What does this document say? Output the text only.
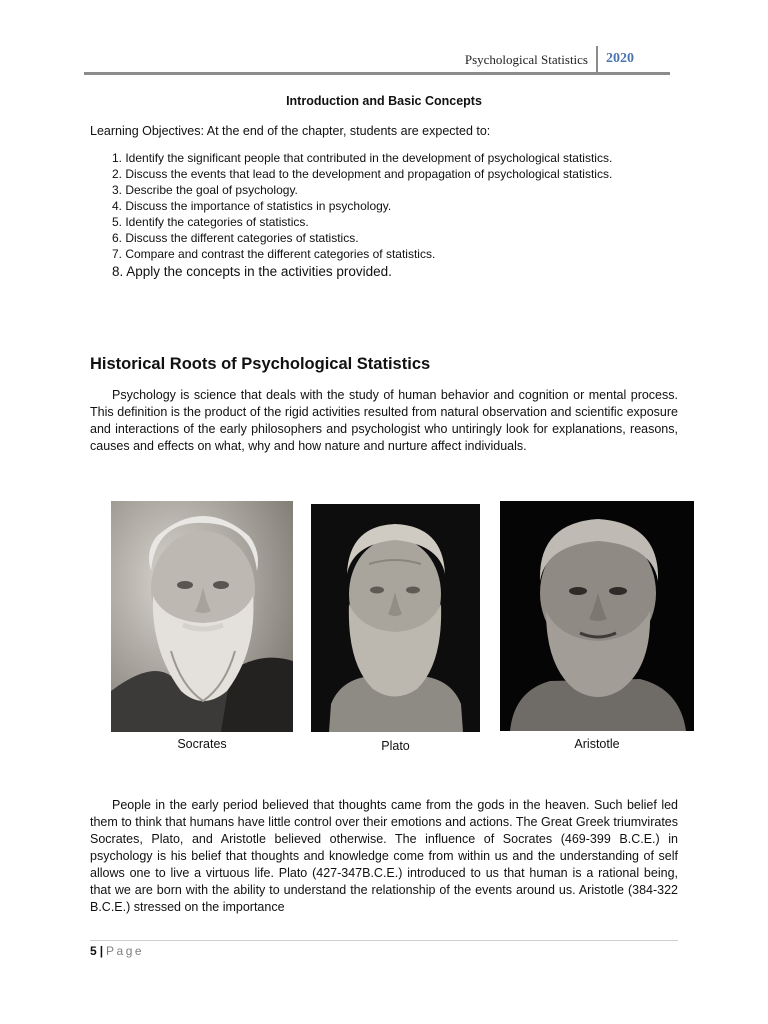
Psychological Statistics 2020
Introduction and Basic Concepts
Learning Objectives: At the end of the chapter, students are expected to:
1. Identify the significant people that contributed in the development of psychological statistics.
2. Discuss the events that lead to the development and propagation of psychological statistics.
3. Describe the goal of psychology.
4. Discuss the importance of statistics in psychology.
5. Identify the categories of statistics.
6. Discuss the different categories of statistics.
7. Compare and contrast the different categories of statistics.
8. Apply the concepts in the activities provided.
Historical Roots of Psychological Statistics

Psychology is science that deals with the study of human behavior and cognition or mental process. This definition is the product of the rigid activities resulted from natural observation and scientific exposure and interactions of the early philosophers and psychologist who untiringly look for explanations, reasons, causes and effects on what, why and how nature and nurture affect individuals.

Socrates	Plato	Aristotle

People in the early period believed that thoughts came from the gods in the heaven. Such belief led them to think that humans have little control over their emotions and actions. The Great Greek triumvirates Socrates, Plato, and Aristotle believed otherwise. The influence of Socrates (469-399 B.C.E.) in psychology is his belief that thoughts and knowledge come from within us and the understanding of self allows one to live a virtuous life. Plato (427-347B.C.E.) introduced to us that human is a rational being, that we are born with the ability to understand the relationship of the events around us. Aristotle (384-322 B.C.E.) stressed on the importance

5 | Page
